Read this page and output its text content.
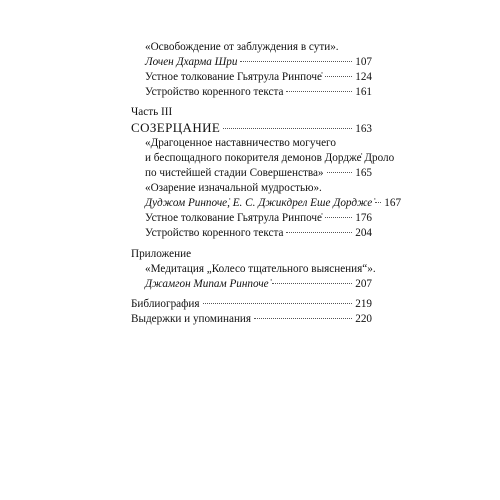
«Освобождение от заблуждения в сути».
Лочен Дхарма Шри	107
Устное толкование Гьятрула Ринпоче̇	124
Устройство коренного текста	161
Часть III
СОЗЕРЦАНИЕ	163
«Драгоценное наставничество могучего
и беспощадного покорителя демонов Дордже̇ Дроло
по чистейшей стадии Совершенства»	165
«Озарение изначальной мудростью».
Дуджом Ринпоче̇, Е. С. Джикдрел Еше Дордже̇ 167
Устное толкование Гьятрула Ринпоче̇	176
Устройство коренного текста	204
Приложение
«Медитация „Колесо тщательного выяснения“».
Джамгон Мипам Ринпоче̇	207
Библиография	219
Выдержки и упоминания	220
